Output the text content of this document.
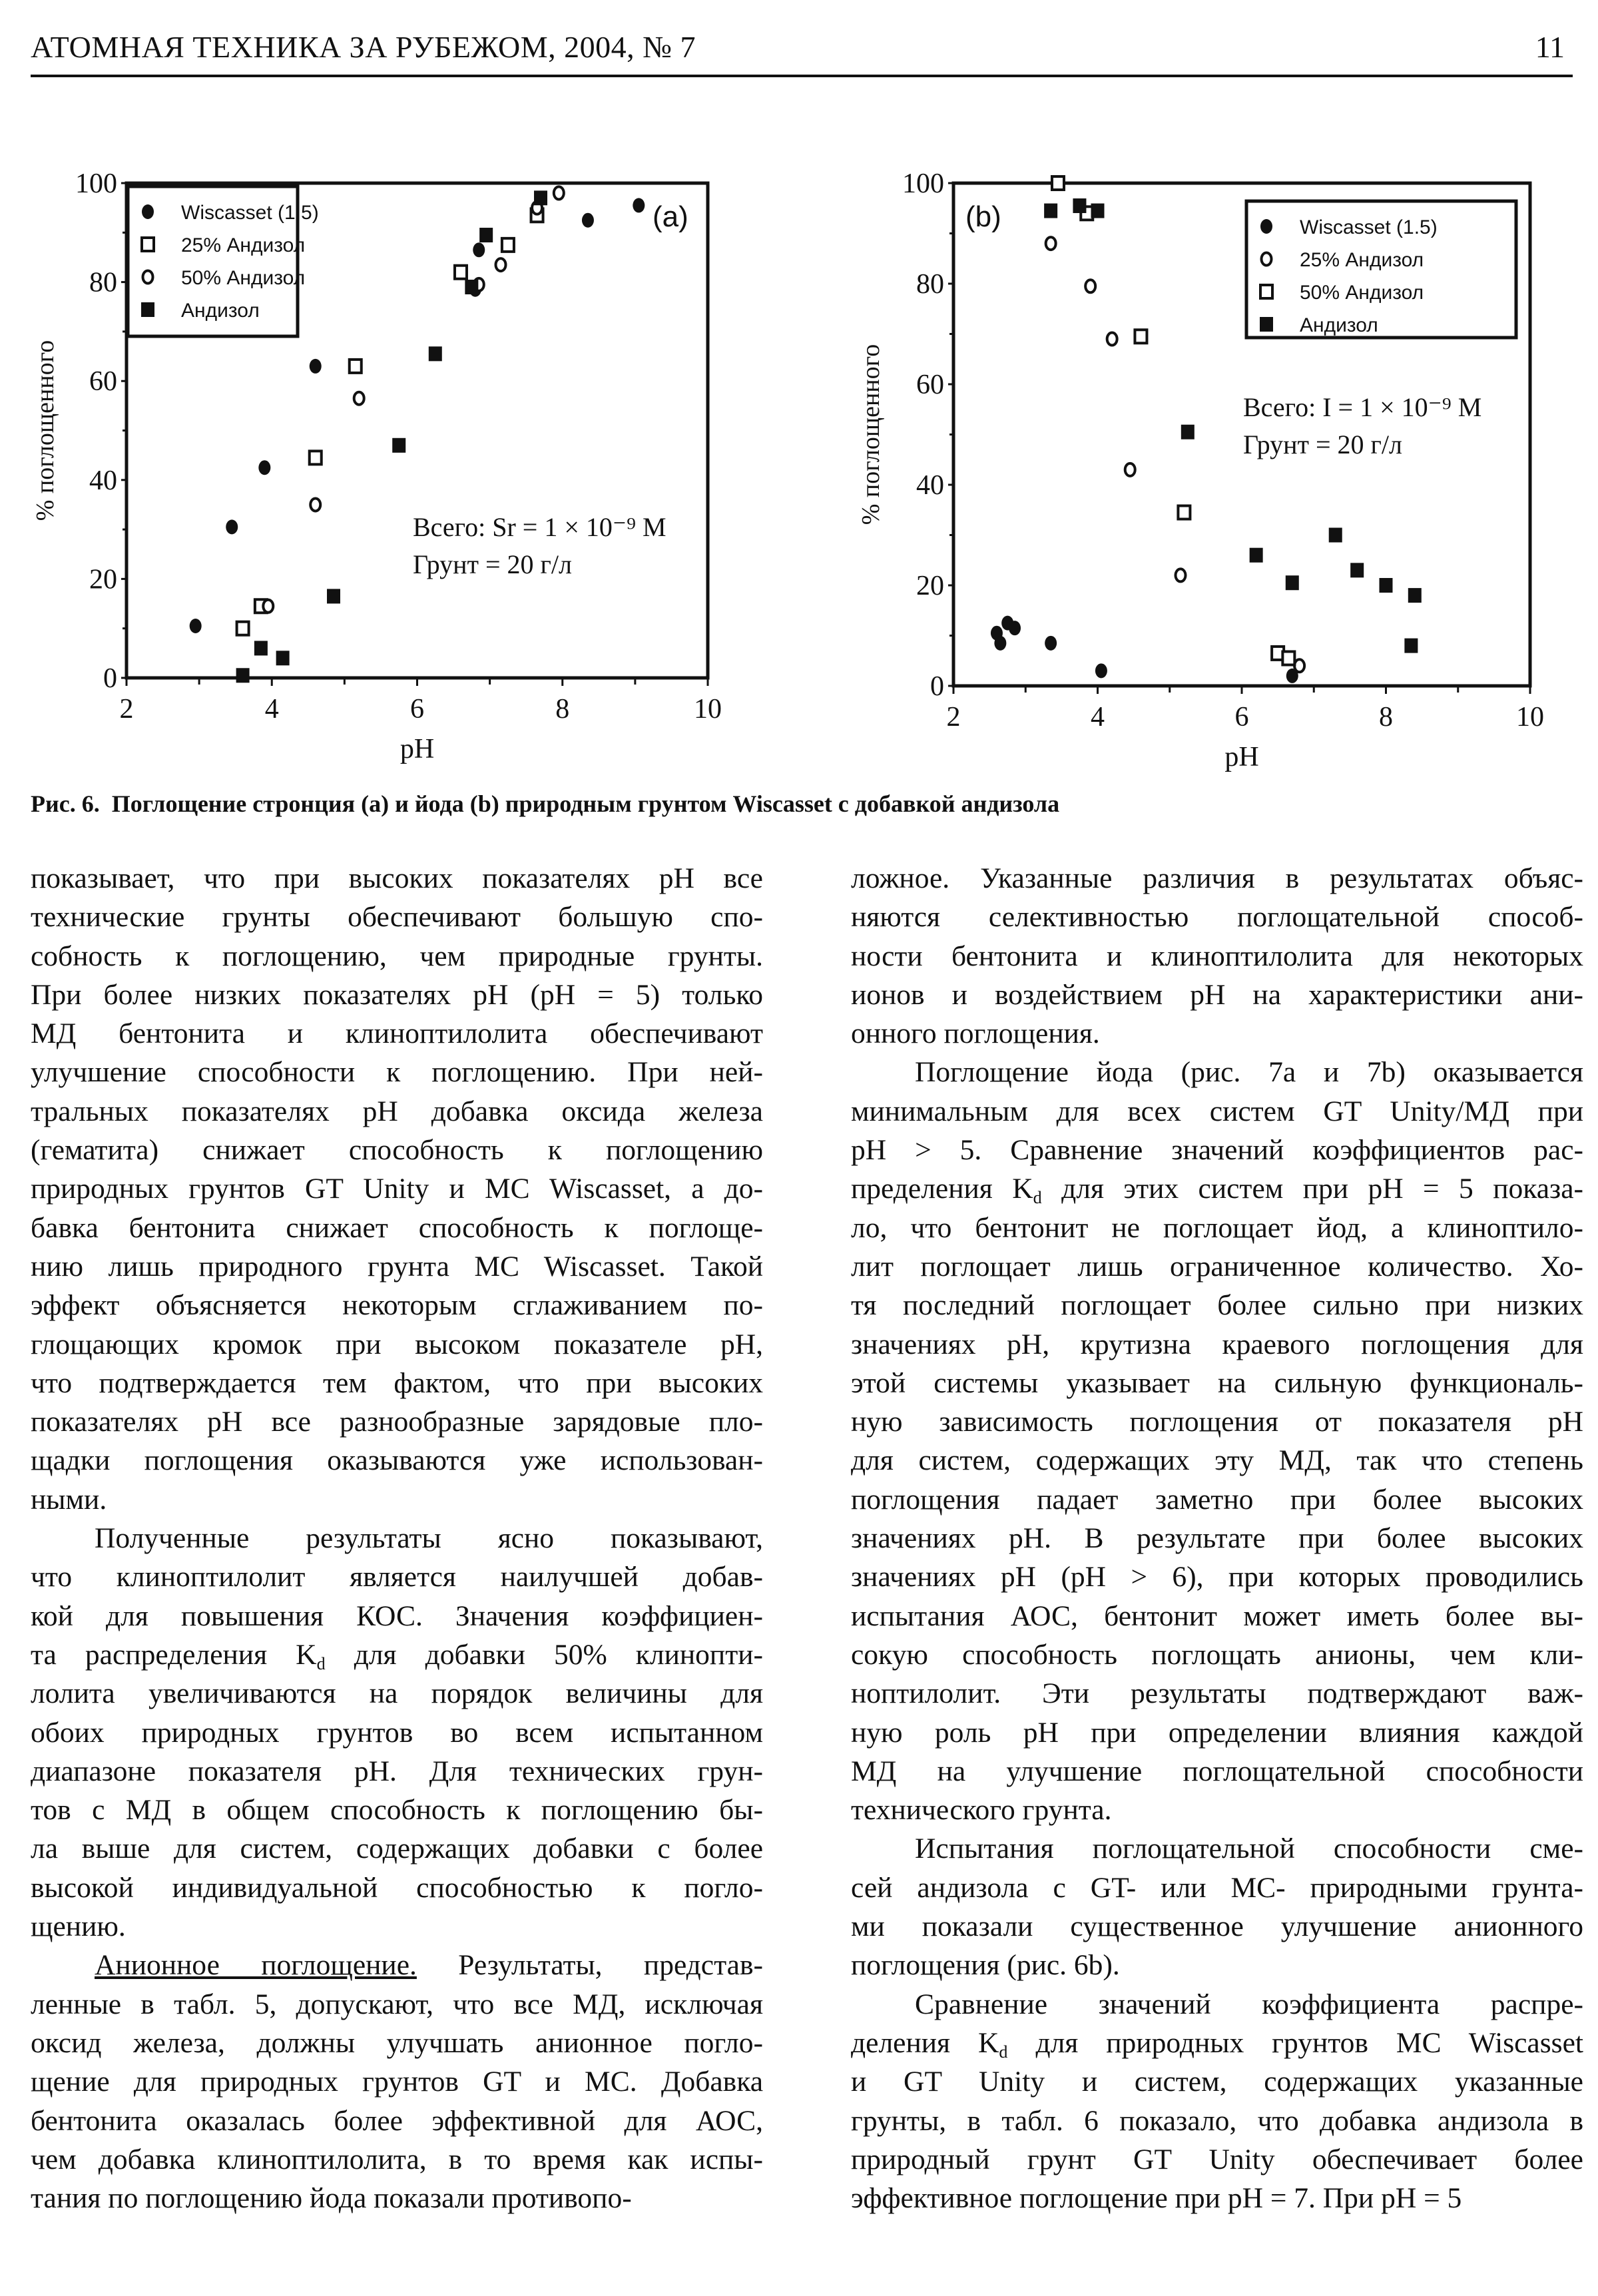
АТОМНАЯ ТЕХНИКА ЗА РУБЕЖОМ, 2004, № 7	11
0
20
40
60
80
100
2	4	6	8	10
pH
% поглощенного
(a)
Wiscasset (1.5)
25% Андизол
50% Андизол
Андизол
Всего: Sr = 1 × 10⁻⁹ M
Грунт = 20 г/л
0
20
40
60
80
100
2	4	6	8	10
pH
% поглощенного
(b)	Wiscasset (1.5)
25% Андизол
50% Андизол
Андизол
Всего: I = 1 × 10⁻⁹ M
Грунт = 20 г/л
Рис. 6. Поглощение стронция (a) и йода (b) природным грунтом Wiscasset с добавкой андизола

показывает, что при высоких показателях pH все
технические грунты обеспечивают большую спо-
собность к поглощению, чем природные грунты.
При более низких показателях pH (pH = 5) только
МД бентонита и клиноптилолита обеспечивают
улучшение способности к поглощению. При ней-
тральных показателях pH добавка оксида железа
(гематита) снижает способность к поглощению
природных грунтов GT Unity и MC Wiscasset, а до-
бавка бентонита снижает способность к поглоще-
нию лишь природного грунта MC Wiscasset. Такой
эффект объясняется некоторым сглаживанием по-
глощающих кромок при высоком показателе pH,
что подтверждается тем фактом, что при высоких
показателях pH все разнообразные зарядовые пло-
щадки поглощения оказываются уже использован-
ными.

Полученные результаты ясно показывают,
что клиноптилолит является наилучшей добав-
кой для повышения КОС. Значения коэффициен-
та распределения $K_d$ для добавки 50% клинопти-
лолита увеличиваются на порядок величины для
обоих природных грунтов во всем испытанном
диапазоне показателя pH. Для технических грун-
тов с МД в общем способность к поглощению бы-
ла выше для систем, содержащих добавки с более
высокой индивидуальной способностью к погло-
щению.

Анионное поглощение. Результаты, представ-
ленные в табл. 5, допускают, что все МД, исключая
оксид железа, должны улучшать анионное погло-
щение для природных грунтов GT и MC. Добавка
бентонита оказалась более эффективной для АОС,
чем добавка клиноптилолита, в то время как испы-
тания по поглощению йода показали противопо-

ложное. Указанные различия в результатах объяс-
няются селективностью поглощательной способ-
ности бентонита и клиноптилолита для некоторых
ионов и воздействием pH на характеристики ани-
онного поглощения.

Поглощение йода (рис. 7a и 7b) оказывается
минимальным для всех систем GT Unity/МД при
pH > 5. Сравнение значений коэффициентов рас-
пределения $K_d$ для этих систем при pH = 5 показа-
ло, что бентонит не поглощает йод, а клиноптило-
лит поглощает лишь ограниченное количество. Хо-
тя последний поглощает более сильно при низких
значениях pH, крутизна краевого поглощения для
этой системы указывает на сильную функциональ-
ную зависимость поглощения от показателя pH
для систем, содержащих эту МД, так что степень
поглощения падает заметно при более высоких
значениях pH. В результате при более высоких
значениях pH (pH > 6), при которых проводились
испытания АОС, бентонит может иметь более вы-
сокую способность поглощать анионы, чем кли-
ноптилолит. Эти результаты подтверждают важ-
ную роль pH при определении влияния каждой
МД на улучшение поглощательной способности
технического грунта.

Испытания поглощательной способности сме-
сей андизола с GT- или MC- природными грунта-
ми показали существенное улучшение анионного
поглощения (рис. 6b).

Сравнение значений коэффициента распре-
деления $K_d$ для природных грунтов MC Wiscasset
и GT Unity и систем, содержащих указанные
грунты, в табл. 6 показало, что добавка андизола в
природный грунт GT Unity обеспечивает более
эффективное поглощение при pH = 7. При pH = 5
